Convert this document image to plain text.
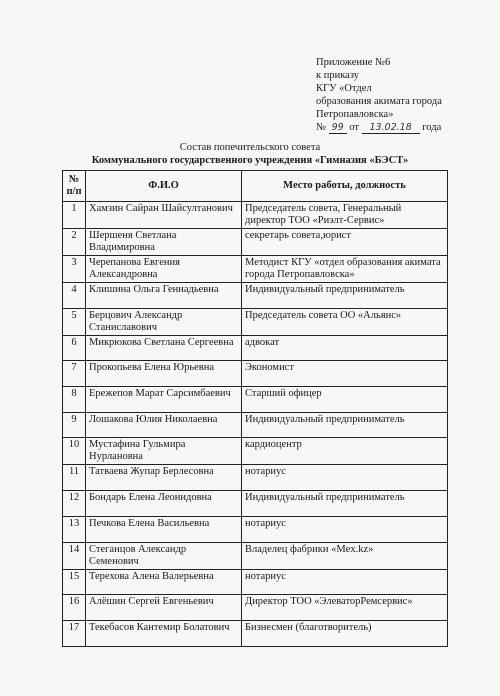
Приложение №6
к приказу
КГУ «Отдел
образования акимата города
Петропавловска»
№ 99 от 13.02.18 года
Состав попечительского совета
Коммунального государственного учреждения «Гимназия «БЭСТ»
№ п/п	Ф.И.О	Место работы, должность
1	Хамзин Сайран Шайсултанович	Председатель совета, Генеральный директор ТОО «Риэлт-Сервис»
2	Шершеня Светлана Владимировна	секретарь совета,юрист
3	Черепанова Евгения Александровна	Методист КГУ «отдел образования акимата города Петропавловска»
4	Клишина Ольга Геннадьевна	Индивидуальный предприниматель
5	Берцович Александр Станиславович	Председатель совета ОО «Альянс»
6	Микрюкова Светлана Сергеевна	адвокат
7	Прокопьева Елена Юрьевна	Экономист
8	Ережепов Марат Сарсимбаевич	Старший офицер
9	Лошакова Юлия Николаевна	Индивидуальный предприниматель
10	Мустафина Гульмира Нурлановна	кардиоцентр
11	Татваева Жупар Берлесовна	нотариус
12	Бондарь Елена Леонидовна	Индивидуальный предприниматель
13	Печкова Елена Васильевна	нотариус
14	Стеганцов Александр Семенович	Владелец фабрики «Mex.kz»
15	Терехова Алена Валерьевна	нотариус
16	Алёшин Сергей Евгеньевич	Директор ТОО «ЭлеваторРемсервис»
17	Текебасов Кантемир Болатович	Бизнесмен (благотворитель)
